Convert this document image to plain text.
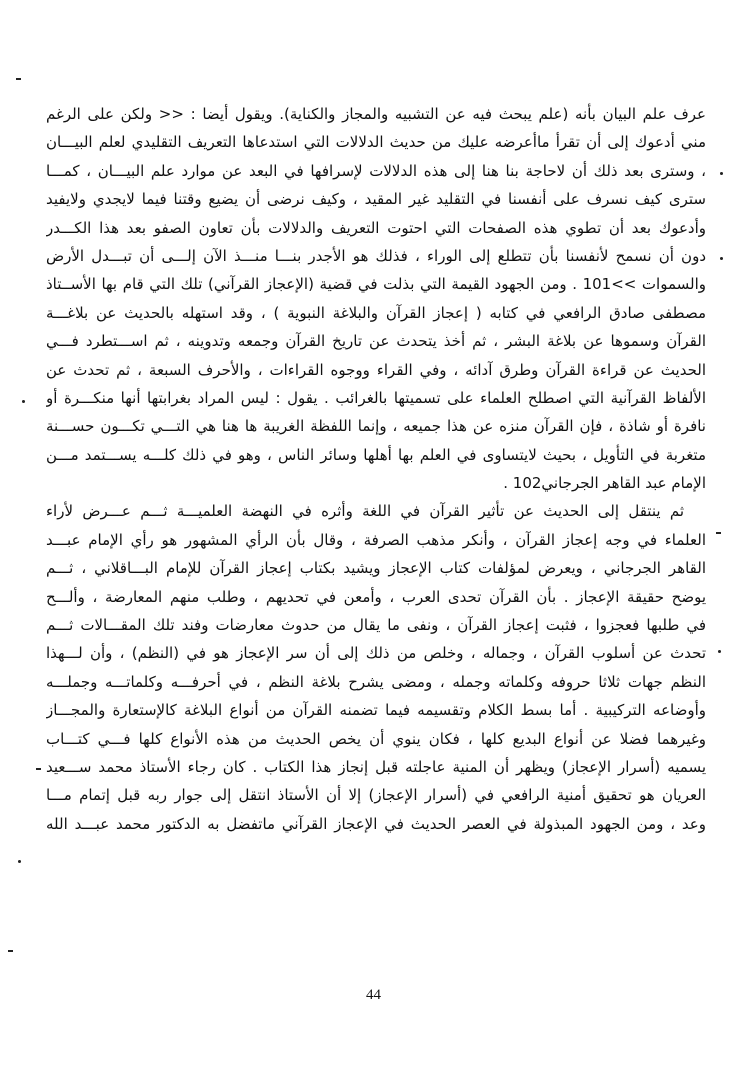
عرف علم البيان بأنه (علم يبحث فيه عن التشبيه والمجاز والكناية). ويقول أيضا : << ولكن على الرغم
مني أدعوك إلى أن تقرأ ماأعرضه عليك من حديث الدلالات التي استدعاها التعريف التقليدي لعلم البيـــان
، وسترى بعد ذلك أن لاحاجة بنا هنا إلى هذه الدلالات لإسرافها في البعد عن موارد علم البيـــان ، كمـــا
سترى كيف نسرف على أنفسنا في التقليد غير المقيد ، وكيف نرضى أن يضيع وقتنا فيما لايجدي ولايفيد
وأدعوك بعد أن تطوي هذه الصفحات التي احتوت التعريف والدلالات بأن تعاون الصفو بعد هذا الكـــدر
دون أن نسمح لأنفسنا بأن تتطلع إلى الوراء ، فذلك هو الأجدر بنـــا منـــذ الآن إلـــى أن تبـــدل الأرض
والسموات >>101 . ومن الجهود القيمة التي بذلت في قضية (الإعجاز القرآني) تلك التي قام بها الأســتاذ
مصطفى صادق الرافعي في كتابه ( إعجاز القرآن والبلاغة النبوية ) ، وقد استهله بالحديث عن بلاغـــة
القرآن وسموها عن بلاغة البشر ، ثم أخذ يتحدث عن تاريخ القرآن وجمعه وتدوينه ، ثم اســـتطرد فـــي
الحديث عن قراءة القرآن وطرق آدائه ، وفي القراء ووجوه القراءات ، والأحرف السبعة ، ثم تحدث عن
الألفاظ القرآنية التي اصطلح العلماء على تسميتها بالغرائب . يقول : ليس المراد بغرابتها أنها منكـــرة أو
نافرة أو شاذة ، فإن القرآن منزه عن هذا جميعه ، وإنما اللفظة الغريبة ها هنا هي التـــي تكـــون حســـنة
متغربة في التأويل ، بحيث لايتساوى في العلم بها أهلها وسائر الناس ، وهو في ذلك كلـــه يســـتمد مـــن
الإمام عبد القاهر الجرجاني102 .
ثم ينتقل إلى الحديث عن تأثير القرآن في اللغة وأثره في النهضة العلميـــة ثـــم عـــرض لأراء
العلماء في وجه إعجاز القرآن ، وأنكر مذهب الصرفة ، وقال بأن الرأي المشهور هو رأي الإمام عبـــد
القاهر الجرجاني ، ويعرض لمؤلفات كتاب الإعجاز ويشيد بكتاب إعجاز القرآن للإمام البـــاقلاني ، ثـــم
يوضح حقيقة الإعجاز . بأن القرآن تحدى العرب ، وأمعن في تحديهم ، وطلب منهم المعارضة ، وألـــح
في طلبها فعجزوا ، فثبت إعجاز القرآن ، ونفى ما يقال من حدوث معارضات وفند تلك المقـــالات ثـــم
تحدث عن أسلوب القرآن ، وجماله ، وخلص من ذلك إلى أن سر الإعجاز هو في (النظم) ، وأن لـــهذا
النظم جهات ثلاثا حروفه وكلماته وجمله ، ومضى يشرح بلاغة النظم ، في أحرفـــه وكلماتـــه وجملـــه
وأوضاعه التركيبية . أما بسط الكلام وتقسيمه فيما تضمنه القرآن من أنواع البلاغة كالإستعارة والمجـــاز
وغيرهما فضلا عن أنواع البديع كلها ، فكان ينوي أن يخص الحديث من هذه الأنواع كلها فـــي كتـــاب
يسميه (أسرار الإعجاز) ويظهر أن المنية عاجلته قبل إنجاز هذا الكتاب . كان رجاء الأستاذ محمد ســـعيد
العريان هو تحقيق أمنية الرافعي في (أسرار الإعجاز) إلا أن الأستاذ انتقل إلى جوار ربه قبل إتمام مـــا
وعد ، ومن الجهود المبذولة في العصر الحديث في الإعجاز القرآني ماتفضل به الدكتور محمد عبـــد الله
44
